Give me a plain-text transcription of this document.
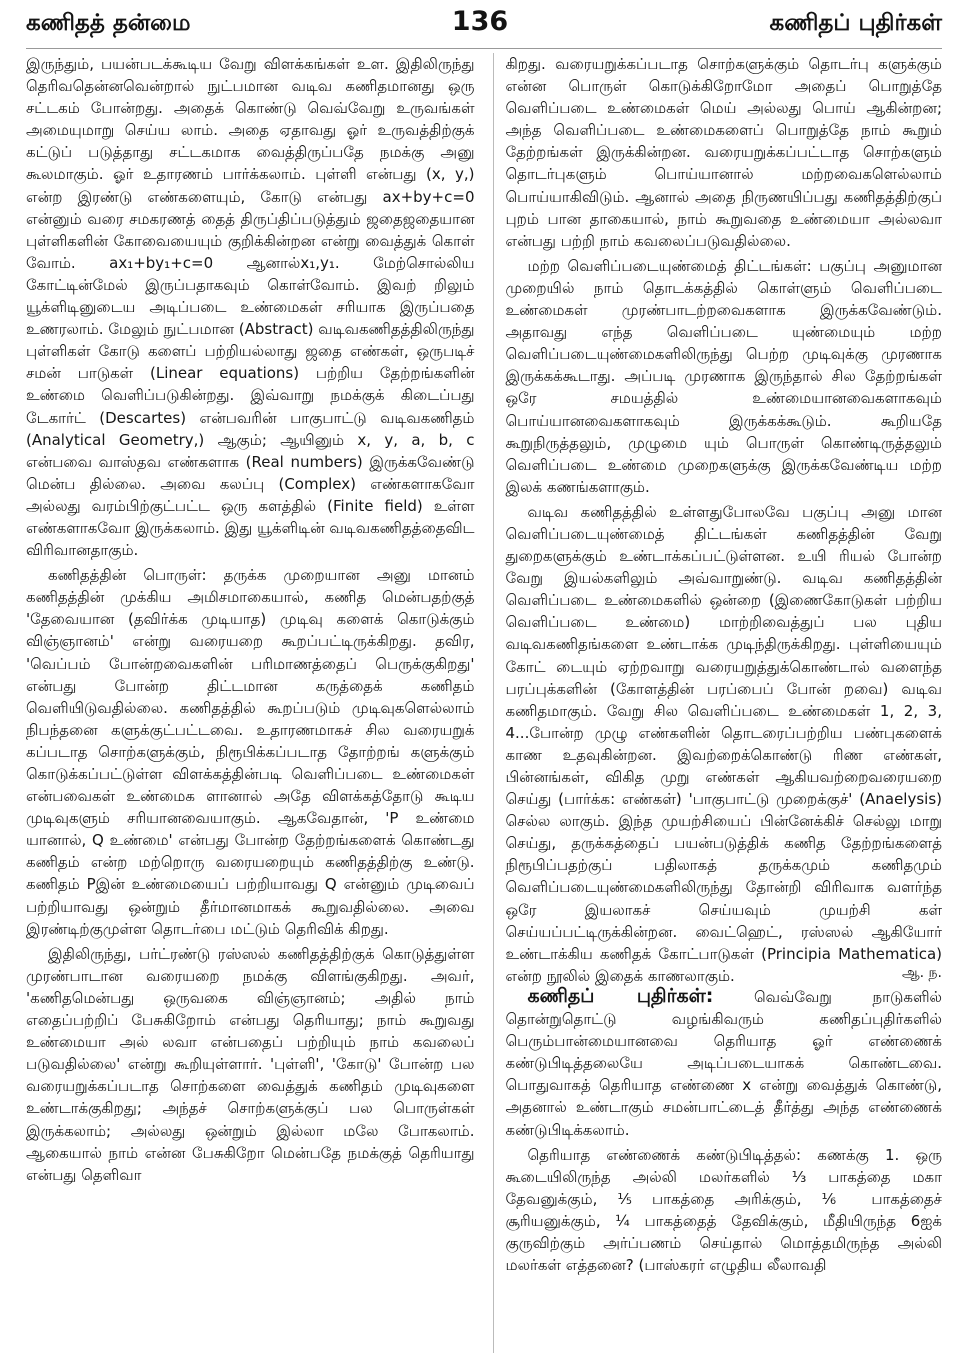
கணிதத் தன்மை	136	கணிதப் புதிர்கள்

இருந்தும், பயன்படக்கூடிய வேறு விளக்கங்கள் உள. இதிலிருந்து தெரிவதென்னவென்றால் நுட்பமான வடிவ கணிதமானது ஒரு சட்டகம் போன்றது. அதைக் கொண்டு வெவ்வேறு உருவங்கள் அமையுமாறு செய்ய லாம். அதை ஏதாவது ஓர் உருவத்திற்குக் கட்டுப் படுத்தாது சட்டகமாக வைத்திருப்பதே நமக்கு அனு கூலமாகும். ஓர் உதாரணம் பார்க்கலாம். புள்ளி என்பது (x, y,) என்ற இரண்டு எண்களையும், கோடு என்பது ax+by+c=0 என்னும் வரை சமகரணத் தைத் திருப்திப்படுத்தும் ஜதைஜதையான புள்ளிகளின் கோவையையும் குறிக்கின்றன என்று வைத்துக் கொள் வோம். ax₁+by₁+c=0 ஆனால்x₁,y₁. மேற்சொல்லிய கோட்டின்மேல் இருப்பதாகவும் கொள்வோம். இவற் றிலும் யூக்ளிடினுடைய அடிப்படை உண்மைகள் சரியாக இருப்பதை உணரலாம். மேலும் நுட்பமான (Abstract) வடிவகணிதத்திலிருந்து புள்ளிகள் கோடு களைப் பற்றியல்லாது ஜதை எண்கள், ஒருபடிச் சமன் பாடுகள் (Linear equations) பற்றிய தேற்றங்களின் உண்மை வெளிப்படுகின்றது. இவ்வாறு நமக்குக் கிடைப்பது டேகார்ட் (Descartes) என்பவரின் பாகுபாட்டு வடிவகணிதம் (Analytical Geometry,) ஆகும்; ஆயினும் x, y, a, b, c என்பவை வாஸ்தவ எண்களாக (Real numbers) இருக்கவேண்டு மென்ப தில்லை. அவை கலப்பு (Complex) எண்களாகவோ அல்லது வரம்பிற்குட்பட்ட ஒரு களத்தில் (Finite field) உள்ள எண்களாகவோ இருக்கலாம். இது யூக்ளிடின் வடிவகணிதத்தைவிட விரிவானதாகும்.

கணிதத்தின் பொருள்: தருக்க முறையான அனு மானம் கணிதத்தின் முக்கிய அமிசமாகையால், கணித மென்பதற்குத் 'தேவையான (தவிர்க்க முடியாத) முடிவு களைக் கொடுக்கும் விஞ்ஞானம்' என்று வரையறை கூறப்பட்டிருக்கிறது. தவிர, 'வெப்பம் போன்றவைகளின் பரிமாணத்தைப் பெருக்குகிறது' என்பது போன்ற திட்டமான கருத்தைக் கணிதம் வெளியிடுவதில்லை. கணிதத்தில் கூறப்படும் முடிவுகளெல்லாம் நிபந்தனை களுக்குட்பட்டவை. உதாரணமாகச் சில வரையறுக் கப்படாத சொற்களுக்கும், நிரூபிக்கப்படாத தோற்றங் களுக்கும் கொடுக்கப்பட்டுள்ள விளக்கத்தின்படி வெளிப்படை உண்மைகள் என்பவைகள் உண்மைக ளானால் அதே விளக்கத்தோடு கூடிய முடிவுகளும் சரியானவையாகும். ஆகவேதான், 'P உண்மை யானால், Q உண்மை' என்பது போன்ற தேற்றங்களைக் கொண்டது கணிதம் என்ற மற்றொரு வரையறையும் கணிதத்திற்கு உண்டு. கணிதம் Pஇன் உண்மையைப் பற்றியாவது Q என்னும் முடிவைப் பற்றியாவது ஒன்றும் தீர்மானமாகக் கூறுவதில்லை. அவை இரண்டிற்குமுள்ள தொடர்பை மட்டும் தெரிவிக் கிறது.

இதிலிருந்து, பர்ட்ரண்டு ரஸ்ஸல் கணிதத்திற்குக் கொடுத்துள்ள முரண்பாடான வரையறை நமக்கு விளங்குகிறது. அவர், 'கணிதமென்பது ஒருவகை விஞ்ஞானம்; அதில் நாம் எதைப்பற்றிப் பேசுகிறோம் என்பது தெரியாது; நாம் கூறுவது உண்மையா அல் லவா என்பதைப் பற்றியும் நாம் கவலைப் படுவதில்லை' என்று கூறியுள்ளார். 'புள்ளி', 'கோடு' போன்ற பல வரையறுக்கப்படாத சொற்களை வைத்துக் கணிதம் முடிவுகளை உண்டாக்குகிறது; அந்தச் சொற்களுக்குப் பல பொருள்கள் இருக்கலாம்; அல்லது ஒன்றும் இல்லா மலே போகலாம். ஆகையால் நாம் என்ன பேசுகிறோ மென்பதே நமக்குத் தெரியாது என்பது தெளிவா

கிறது. வரையறுக்கப்படாத சொற்களுக்கும் தொடர்பு களுக்கும் என்ன பொருள் கொடுக்கிறோமோ அதைப் பொறுத்தே வெளிப்படை உண்மைகள் மெய் அல்லது பொய் ஆகின்றன; அந்த வெளிப்படை உண்மைகளைப் பொறுத்தே நாம் கூறும் தேற்றங்கள் இருக்கின்றன. வரையறுக்கப்பட்டாத சொற்களும் தொடர்புகளும் பொய்யானால் மற்றவைகளெல்லாம் பொய்யாகிவிடும். ஆனால் அதை நிருணயிப்பது கணிதத்திற்குப் புறம் பான தாகையால், நாம் கூறுவதை உண்மையா அல்லவா என்பது பற்றி நாம் கவலைப்படுவதில்லை.

மற்ற வெளிப்படையுண்மைத் திட்டங்கள்: பகுப்பு அனுமான முறையில் நாம் தொடக்கத்தில் கொள்ளும் வெளிப்படை உண்மைகள் முரண்பாடற்றவைகளாக இருக்கவேண்டும். அதாவது எந்த வெளிப்படை யுண்மையும் மற்ற வெளிப்படையுண்மைகளிலிருந்து பெற்ற முடிவுக்கு முரணாக இருக்கக்கூடாது. அப்படி முரணாக இருந்தால் சில தேற்றங்கள் ஒரே சமயத்தில் உண்மையானவைகளாகவும் பொய்யானவைகளாகவும் இருக்கக்கூடும். கூறியதே கூறுநிருத்தலும், முழுமை யும் பொருள் கொண்டிருத்தலும் வெளிப்படை உண்மை முறைகளுக்கு இருக்கவேண்டிய மற்ற இலக் கணங்களாகும்.

வடிவ கணிதத்தில் உள்ளதுபோலவே பகுப்பு அனு மான வெளிப்படையுண்மைத் திட்டங்கள் கணிதத்தின் வேறு துறைகளுக்கும் உண்டாக்கப்பட்டுள்ளன. உயி ரியல் போன்ற வேறு இயல்களிலும் அவ்வாறுண்டு. வடிவ கணிதத்தின் வெளிப்படை உண்மைகளில் ஒன்றை (இணைகோடுகள் பற்றிய வெளிப்படை உண்மை) மாற்றிவைத்துப் பல புதிய வடிவகணிதங்களை உண்டாக்க முடிந்திருக்கிறது. புள்ளியையும் கோட் டையும் ஏற்றவாறு வரையறுத்துக்கொண்டால் வளைந்த பரப்புக்களின் (கோளத்தின் பரப்பைப் போன் றவை) வடிவ கணிதமாகும். வேறு சில வெளிப்படை உண்மைகள் 1, 2, 3, 4...போன்ற முழு எண்களின் தொடரைப்பற்றிய பண்புகளைக் காண உதவுகின்றன. இவற்றைக்கொண்டு ரிண எண்கள், பின்னங்கள், விகித முறு எண்கள் ஆகியவற்றைவரையறை செய்து (பார்க்க: எண்கள்) 'பாகுபாட்டு முறைக்குச்' (Anaelysis) செல்ல லாகும். இந்த முயற்சியைப் பின்னேக்கிச் செல்லு மாறு செய்து, தருக்கத்தைப் பயன்படுத்திக் கணித தேற்றங்களைத் நிரூபிப்பதற்குப் பதிலாகத் தருக்கமும் கணிதமும் வெளிப்படையுண்மைகளிலிருந்து தோன்றி விரிவாக வளர்ந்த ஒரே இயலாகச் செய்யவும் முயற்சி கள் செய்யப்பட்டிருக்கின்றன. வைட்ஹெட், ரஸ்ஸல் ஆகியோர் உண்டாக்கிய கணிதக் கோட்பாடுகள் (Principia Mathematica) என்ற நூலில் இதைக் காணலாகும்.	ஆ. ந.

கணிதப் புதிர்கள்: வெவ்வேறு நாடுகளில் தொன்றுதொட்டு வழங்கிவரும் கணிதப்புதிர்களில் பெரும்பான்மையானவை தெரியாத ஓர் எண்ணைக் கண்டுபிடித்தலையே அடிப்படையாகக் கொண்டவை. பொதுவாகத் தெரியாத எண்ணை x என்று வைத்துக் கொண்டு, அதனால் உண்டாகும் சமன்பாட்டைத் தீர்த்து அந்த எண்ணைக் கண்டுபிடிக்கலாம்.

தெரியாத எண்ணைக் கண்டுபிடித்தல்: கணக்கு 1. ஒரு கூடையிலிருந்த அல்லி மலர்களில் ⅓ பாகத்தை மகா தேவனுக்கும், ⅕ பாகத்தை அரிக்கும், ⅙ பாகத்தைச் சூரியனுக்கும், ¼ பாகத்தைத் தேவிக்கும், மீதியிருந்த 6ஐக் குருவிற்கும் அர்ப்பணம் செய்தால் மொத்தமிருந்த அல்லி மலர்கள் எத்தனை? (பாஸ்கரர் எழுதிய லீலாவதி
